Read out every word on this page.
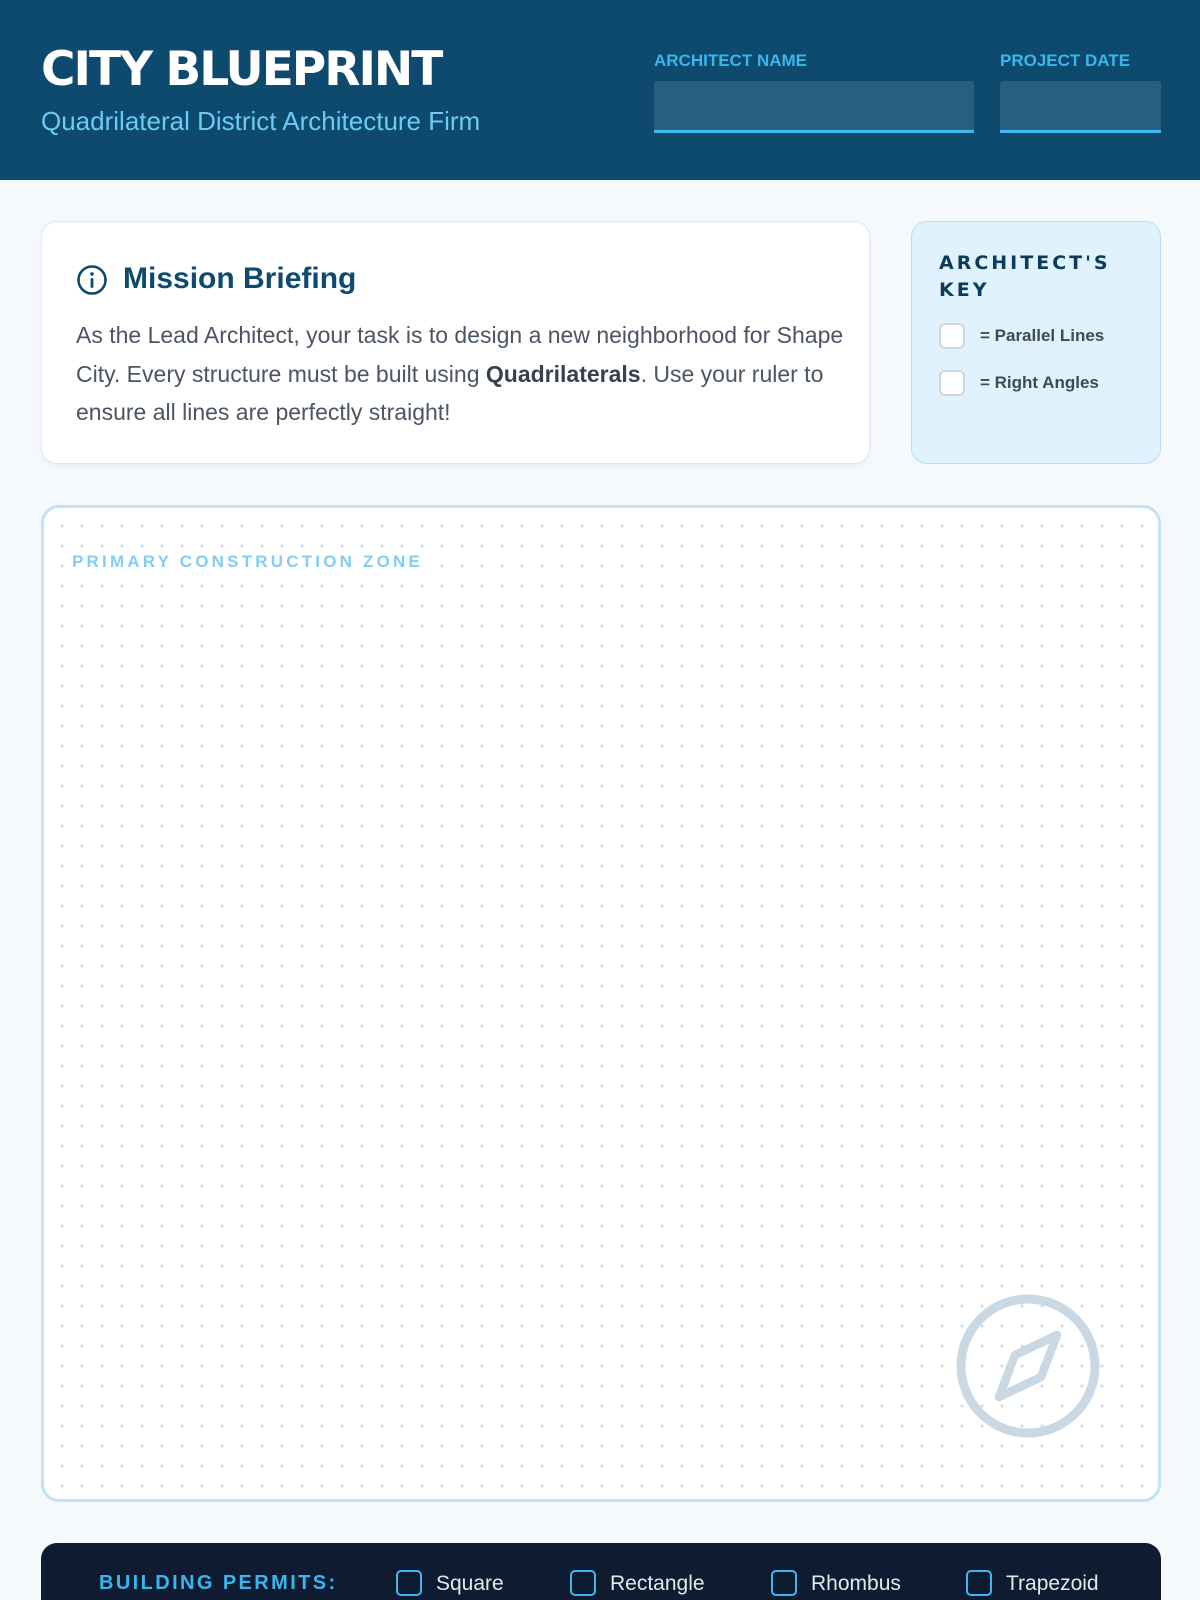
CITY BLUEPRINT
Quadrilateral District Architecture Firm
ARCHITECT NAME	PROJECT DATE
Mission Briefing

As the Lead Architect, your task is to design a new neighborhood for Shape City. Every structure must be built using Quadrilaterals. Use your ruler to ensure all lines are perfectly straight!

ARCHITECT'S KEY
= Parallel Lines
= Right Angles
PRIMARY CONSTRUCTION ZONE
BUILDING PERMITS:	Square	Rectangle	Rhombus	Trapezoid
